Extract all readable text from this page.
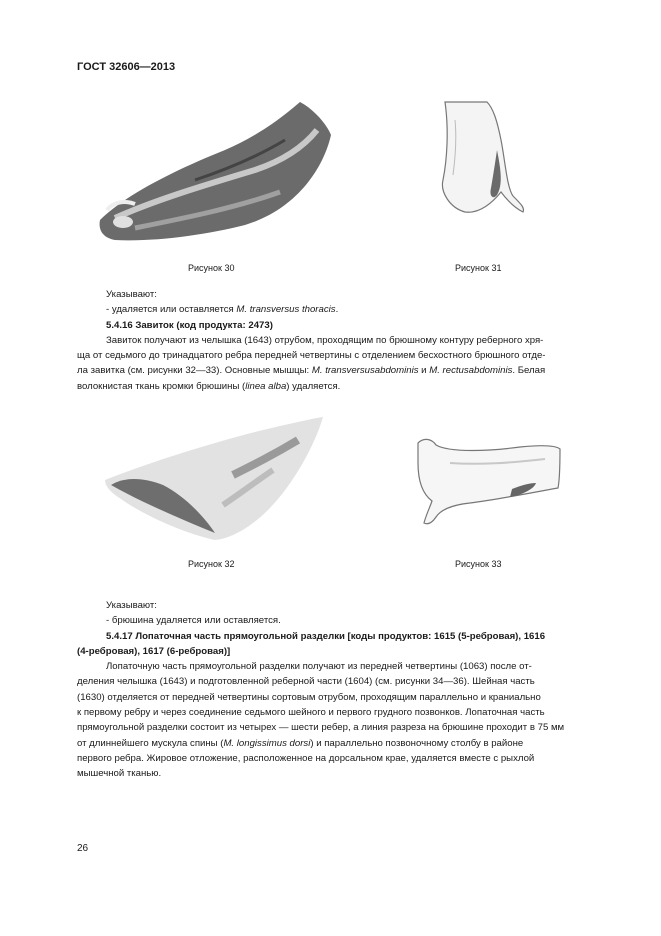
ГОСТ 32606—2013
Рисунок 30	Рисунок 31
Указывают:
- удаляется или оставляется M. transversus thoracis.
5.4.16 Завиток (код продукта: 2473)
Завиток получают из челышка (1643) отрубом, проходящим по брюшному контуру реберного хря-
ща от седьмого до тринадцатого ребра передней четвертины с отделением бесхостного брюшного отде-
ла завитка (см. рисунки 32—33). Основные мышцы: M. transversusabdominis и M. rectusabdominis. Белая
волокнистая ткань кромки брюшины (linea alba) удаляется.
Рисунок 32	Рисунок 33
Указывают:
- брюшина удаляется или оставляется.
5.4.17 Лопаточная часть прямоугольной разделки [коды продуктов: 1615 (5-ребровая), 1616
(4-ребровая), 1617 (6-ребровая)]
Лопаточную часть прямоугольной разделки получают из передней четвертины (1063) после от-
деления челышка (1643) и подготовленной реберной части (1604) (см. рисунки 34—36). Шейная часть
(1630) отделяется от передней четвертины сортовым отрубом, проходящим параллельно и краниально
к первому ребру и через соединение седьмого шейного и первого грудного позвонков. Лопаточная часть
прямоугольной разделки состоит из четырех — шести ребер, а линия разреза на брюшине проходит в 75 мм
от длиннейшего мускула спины (M. longissimus dorsi) и параллельно позвоночному столбу в районе
первого ребра. Жировое отложение, расположенное на дорсальном крае, удаляется вместе с рыхлой
мышечной тканью.
26
